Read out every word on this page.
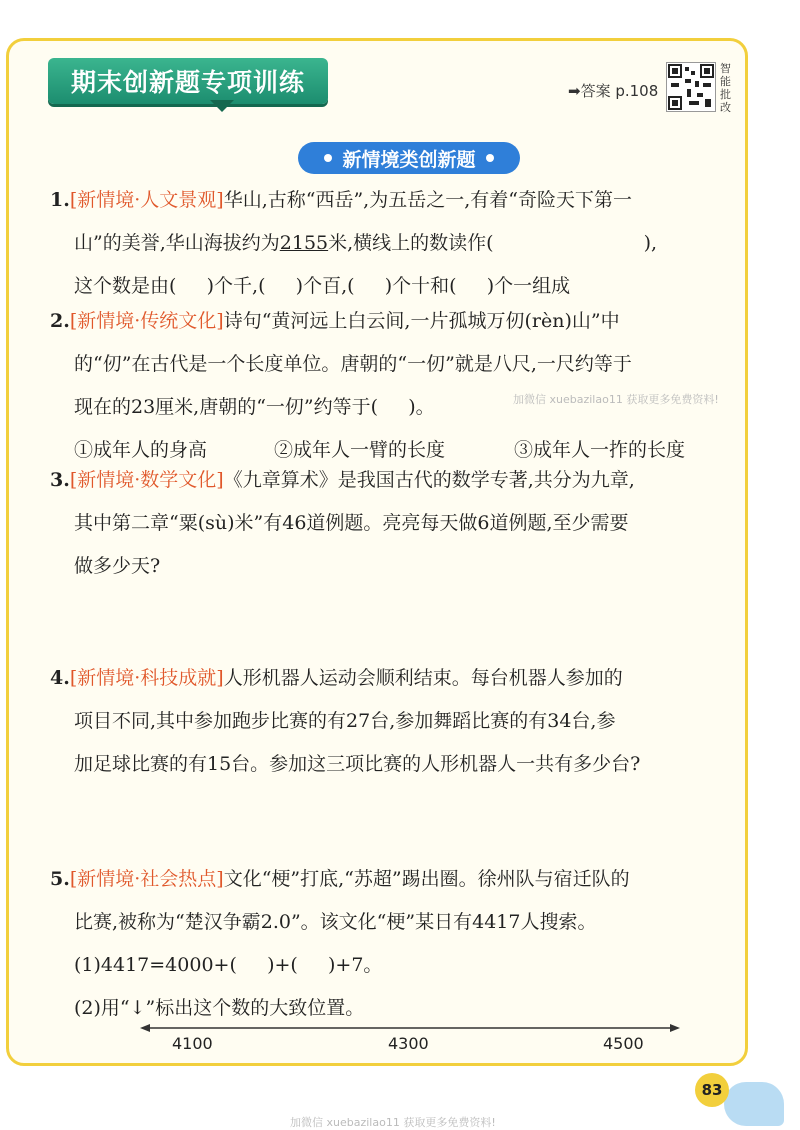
期末创新题专项训练	➡答案 p.108
智能批改
新情境类创新题
1.[新情境·人文景观]华山,古称“西岳”,为五岳之一,有着“奇险天下第一
山”的美誉,华山海拔约为2155米,横线上的数读作(	),
这个数是由(     )个千,(     )个百,(     )个十和(     )个一组成
2.[新情境·传统文化]诗句“黄河远上白云间,一片孤城万仞(rèn)山”中
的“仞”在古代是一个长度单位。唐朝的“一仞”就是八尺,一尺约等于
现在的23厘米,唐朝的“一仞”约等于(     )。
①成年人的身高	②成年人一臂的长度	③成年人一拃的长度
加微信 xuebazilao11 获取更多免费资料!
3.[新情境·数学文化]《九章算术》是我国古代的数学专著,共分为九章,
其中第二章“粟(sù)米”有46道例题。亮亮每天做6道例题,至少需要
做多少天?
4.[新情境·科技成就]人形机器人运动会顺利结束。每台机器人参加的
项目不同,其中参加跑步比赛的有27台,参加舞蹈比赛的有34台,参
加足球比赛的有15台。参加这三项比赛的人形机器人一共有多少台?
5.[新情境·社会热点]文化“梗”打底,“苏超”踢出圈。徐州队与宿迁队的
比赛,被称为“楚汉争霸2.0”。该文化“梗”某日有4417人搜索。
(1)4417=4000+(     )+(     )+7。
(2)用“↓”标出这个数的大致位置。
4100	4300	4500
83
加微信 xuebazilao11 获取更多免费资料!
